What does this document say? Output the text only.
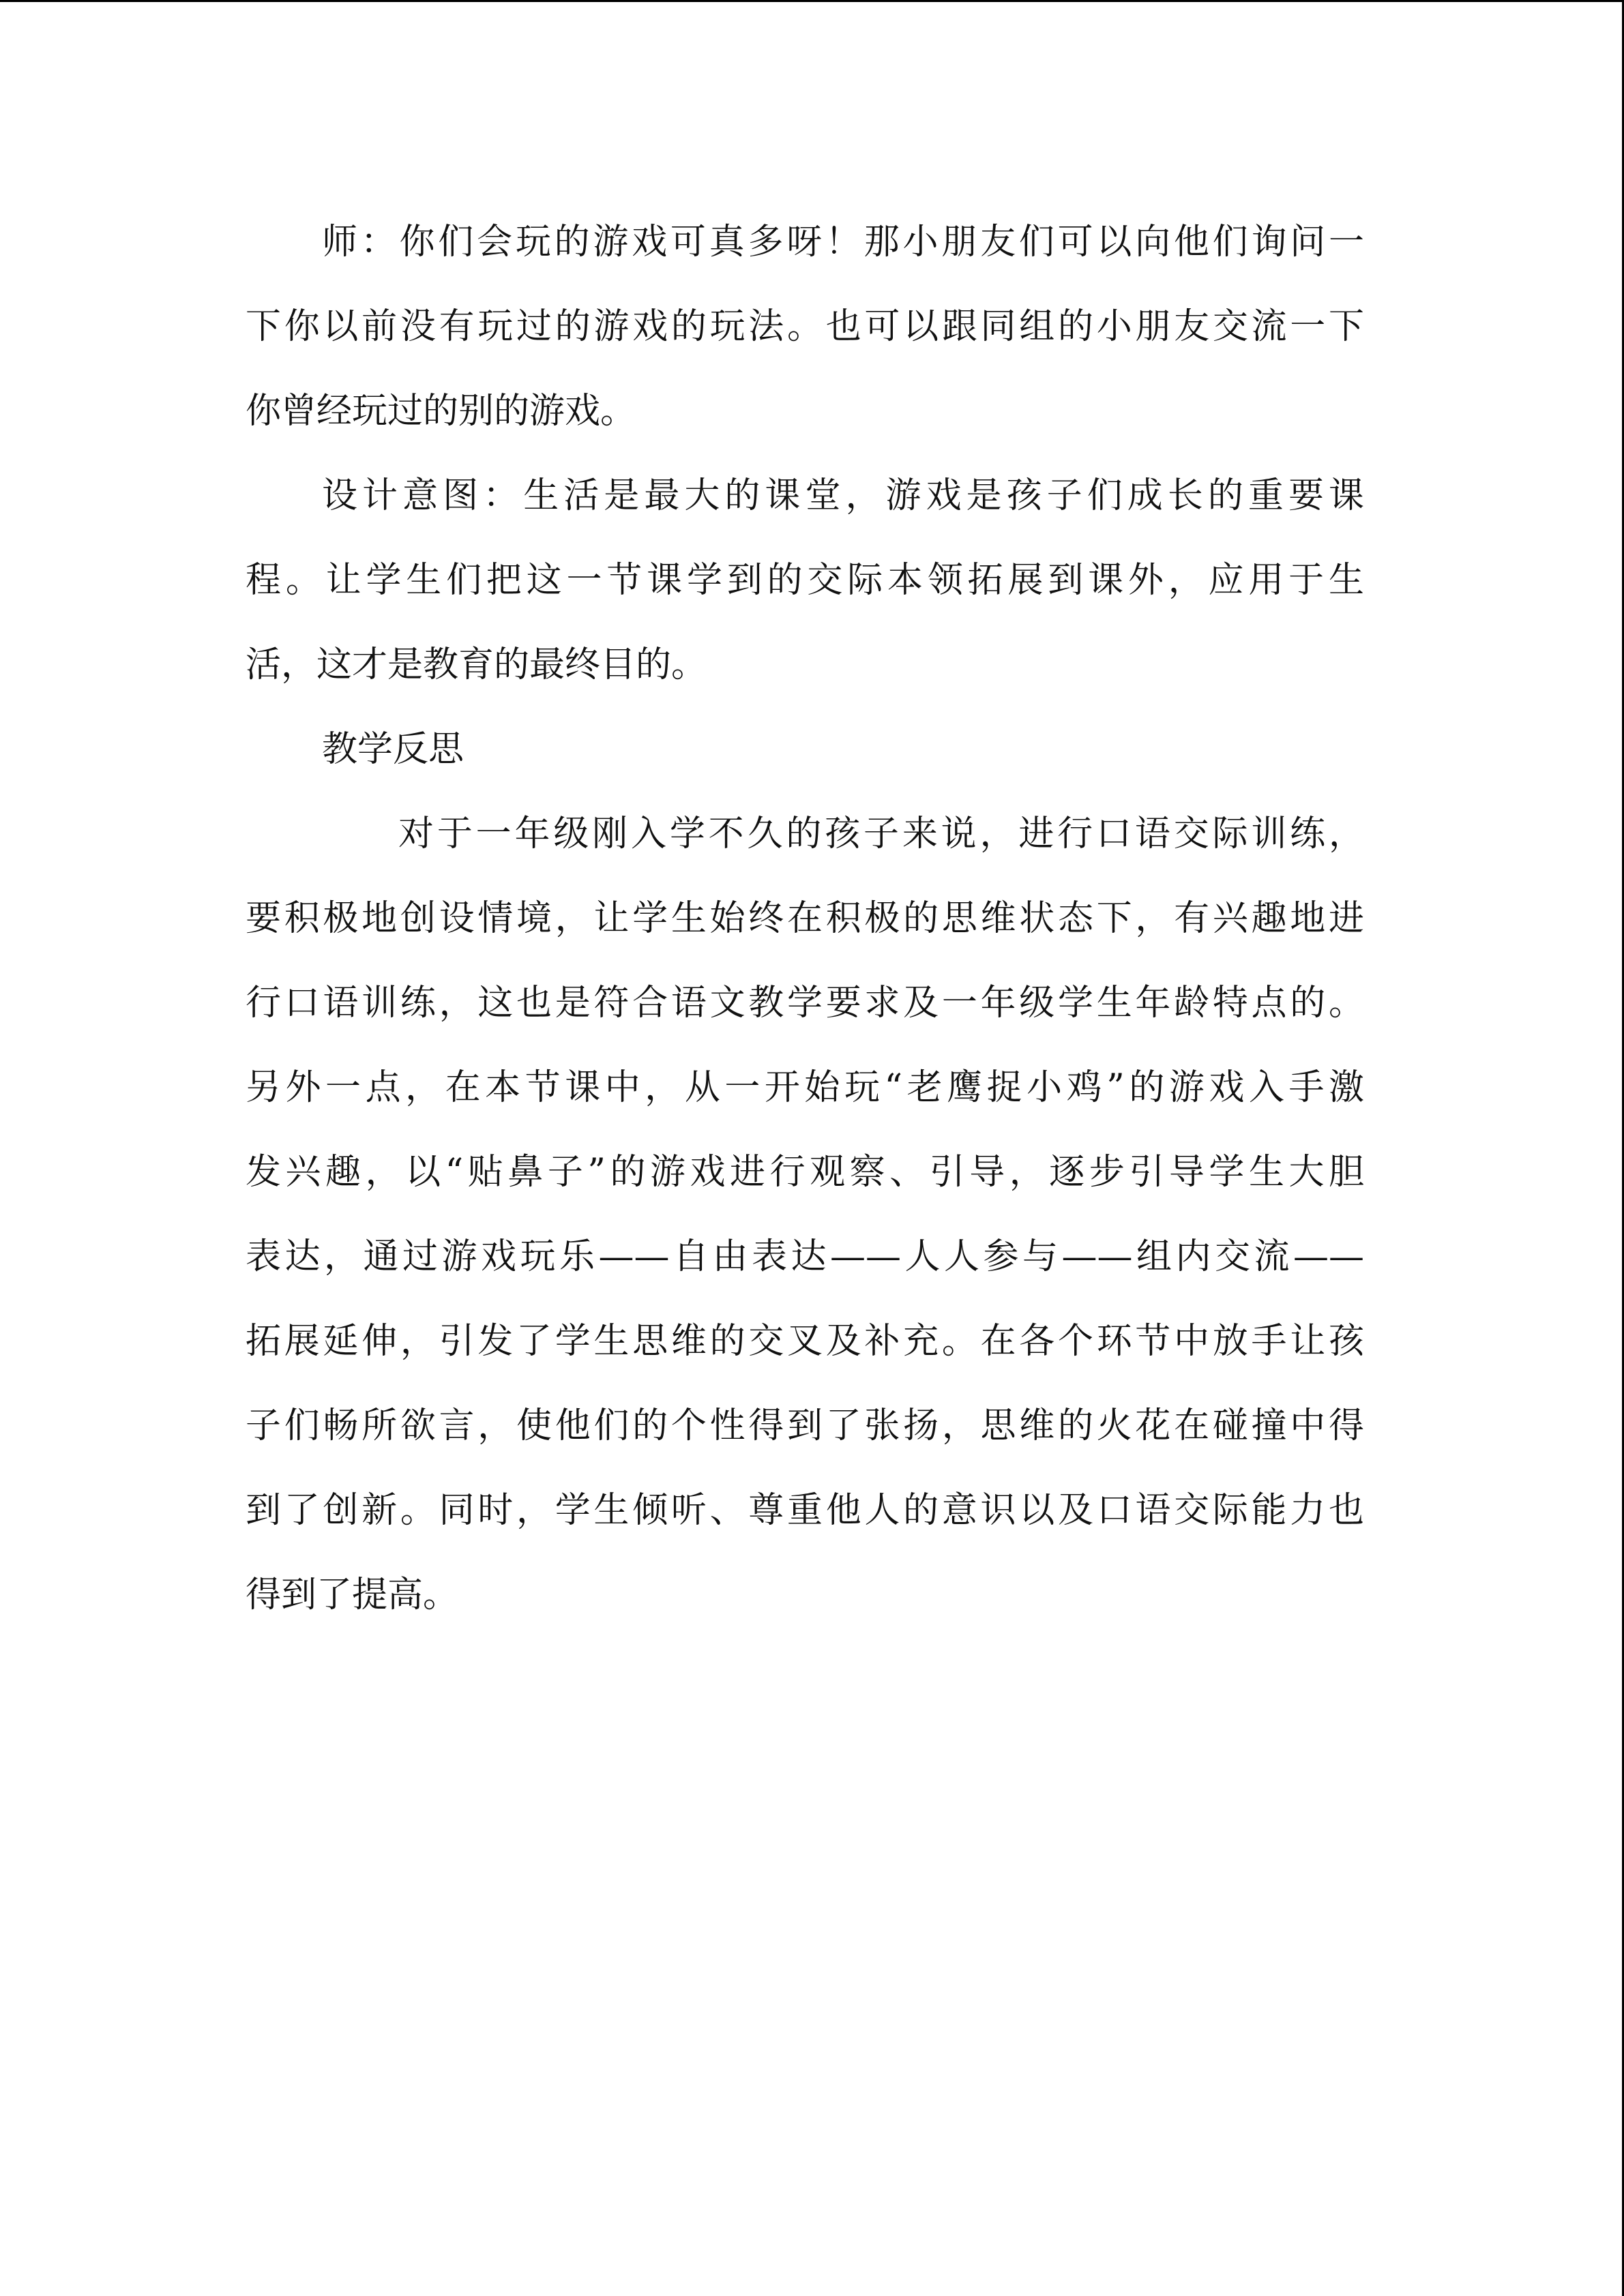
师：你们会玩的游戏可真多呀！那小朋友们可以向他们询问一
下你以前没有玩过的游戏的玩法。也可以跟同组的小朋友交流一下
你曾经玩过的别的游戏。
设计意图：生活是最大的课堂，游戏是孩子们成长的重要课
程。让学生们把这一节课学到的交际本领拓展到课外，应用于生
活，这才是教育的最终目的。
教学反思
对于一年级刚入学不久的孩子来说，进行口语交际训练，
要积极地创设情境，让学生始终在积极的思维状态下，有兴趣地进
行口语训练，这也是符合语文教学要求及一年级学生年龄特点的。
另外一点，在本节课中，从一开始玩“老鹰捉小鸡”的游戏入手激
发兴趣，以“贴鼻子”的游戏进行观察、引导，逐步引导学生大胆
表达，通过游戏玩乐——自由表达——人人参与——组内交流——
拓展延伸，引发了学生思维的交叉及补充。在各个环节中放手让孩
子们畅所欲言，使他们的个性得到了张扬，思维的火花在碰撞中得
到了创新。同时，学生倾听、尊重他人的意识以及口语交际能力也
得到了提高。
